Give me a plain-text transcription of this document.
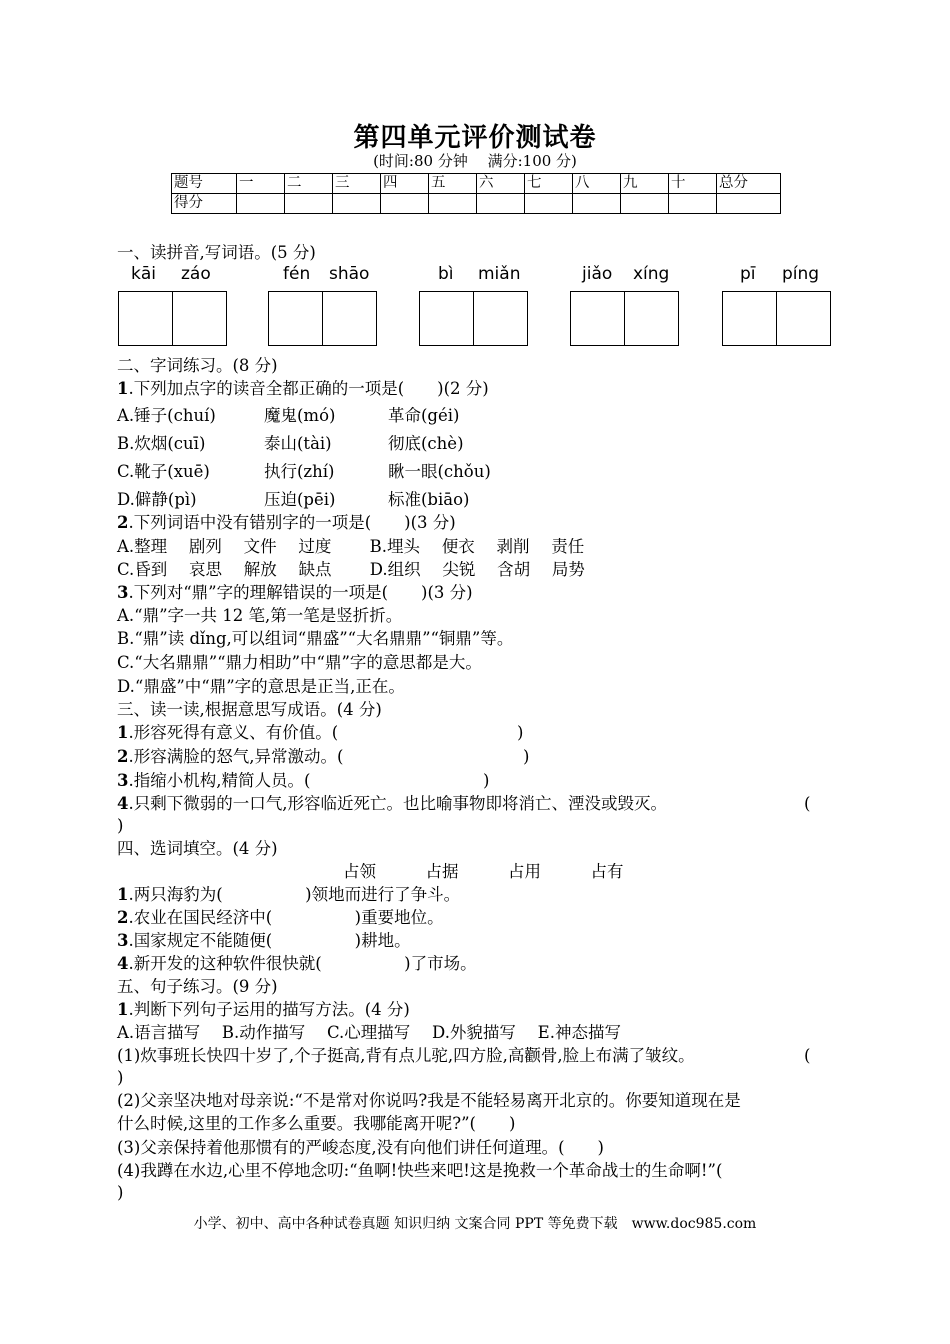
第四单元评价测试卷
(时间:80 分钟　 满分:100 分)
题号	一	二	三	四	五	六	七	八	九	十	总分
得分											
一、读拼音,写词语。(5 分)
kāi záo	fén shāo	bì miǎn	jiǎo xíng	pī píng
二、字词练习。(8 分)
1.下列加点字的读音全都正确的一项是(　　)(2 分)
A.锤子(chuí)	魔鬼(mó)	革命(géi)
B.炊烟(cuī)	泰山(tài)	彻底(chè)
C.靴子(xuē)	执行(zhí)	瞅一眼(chǒu)
D.僻静(pì)	压迫(pēi)	标准(biāo)
2.下列词语中没有错别字的一项是(　　)(3 分)
A.整理　 剧列　 文件　 过度　　 B.埋头　 便衣　 剥削　 责任
C.昏到　 哀思　 解放　 缺点　　 D.组织　 尖锐　 含胡　 局势
3.下列对“鼎”字的理解错误的一项是(　　)(3 分)
A.“鼎”字一共 12 笔,第一笔是竖折折。
B.“鼎”读 dǐng,可以组词“鼎盛”“大名鼎鼎”“铜鼎”等。
C.“大名鼎鼎”“鼎力相助”中“鼎”字的意思都是大。
D.“鼎盛”中“鼎”字的意思是正当,正在。
三、读一读,根据意思写成语。(4 分)
1.形容死得有意义、有价值。(	)
2.形容满脸的怒气,异常激动。(	)
3.指缩小机构,精简人员。(	)
4.只剩下微弱的一口气,形容临近死亡。也比喻事物即将消亡、湮没或毁灭。	(
)
四、选词填空。(4 分)
占领　　　占据　　　占用　　　占有
1.两只海豹为(　　　　　)领地而进行了争斗。
2.农业在国民经济中(　　　　　)重要地位。
3.国家规定不能随便(　　　　　)耕地。
4.新开发的这种软件很快就(　　　　　)了市场。
五、句子练习。(9 分)
1.判断下列句子运用的描写方法。(4 分)
A.语言描写　 B.动作描写　 C.心理描写　 D.外貌描写　 E.神态描写
(1)炊事班长快四十岁了,个子挺高,背有点儿驼,四方脸,高颧骨,脸上布满了皱纹。	(
)
(2)父亲坚决地对母亲说:“不是常对你说吗?我是不能轻易离开北京的。你要知道现在是
什么时候,这里的工作多么重要。我哪能离开呢?”(　　)
(3)父亲保持着他那惯有的严峻态度,没有向他们讲任何道理。(　　)
(4)我蹲在水边,心里不停地念叨:“鱼啊!快些来吧!这是挽救一个革命战士的生命啊!”(
)
小学、初中、高中各种试卷真题 知识归纳 文案合同 PPT 等免费下载　www.doc985.com
